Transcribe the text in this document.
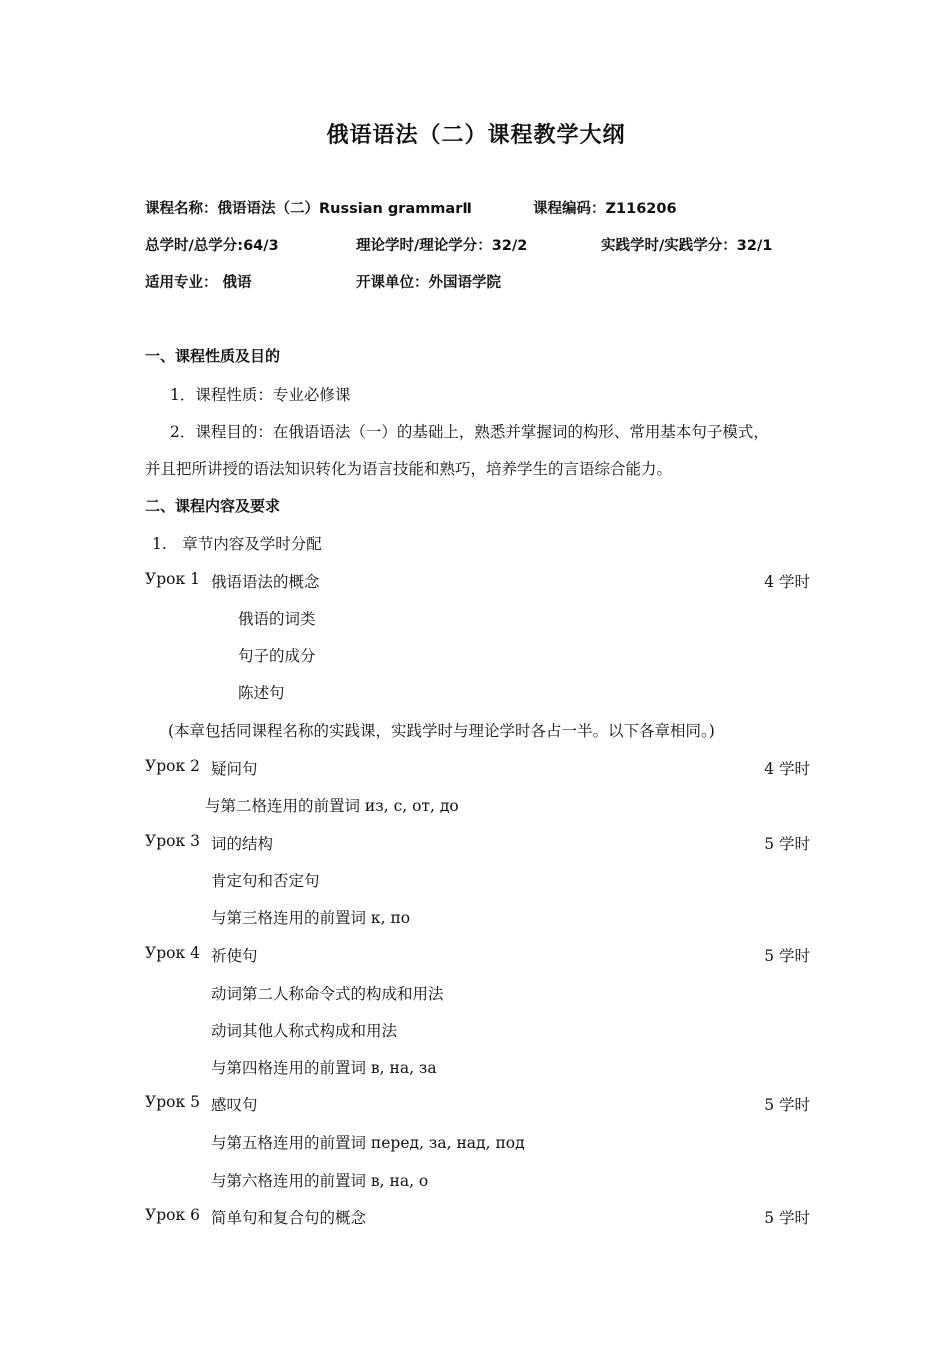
俄语语法（二）课程教学大纲
课程名称：俄语语法（二）Russian grammarⅡ	课程编码：Z116206
总学时/总学分:64/3	理论学时/理论学分：32/2	实践学时/实践学分：32/1
适用专业： 俄语	开课单位：外国语学院
一、课程性质及目的
1．课程性质：专业必修课
2．课程目的：在俄语语法（一）的基础上，熟悉并掌握词的构形、常用基本句子模式，
并且把所讲授的语法知识转化为语言技能和熟巧，培养学生的言语综合能力。
二、课程内容及要求
1.　章节内容及学时分配
Урок 1 俄语语法的概念	4 学时
俄语的词类
句子的成分
陈述句
(本章包括同课程名称的实践课，实践学时与理论学时各占一半。以下各章相同。)
Урок 2 疑问句	4 学时
与第二格连用的前置词 из, с, от, до
Урок 3 词的结构	5 学时
肯定句和否定句
与第三格连用的前置词 к, по
Урок 4 祈使句	5 学时
动词第二人称命令式的构成和用法
动词其他人称式构成和用法
与第四格连用的前置词 в, на, за
Урок 5 感叹句	5 学时
与第五格连用的前置词 перед, за, над, под
与第六格连用的前置词 в, на, о
Урок 6 简单句和复合句的概念	5 学时
